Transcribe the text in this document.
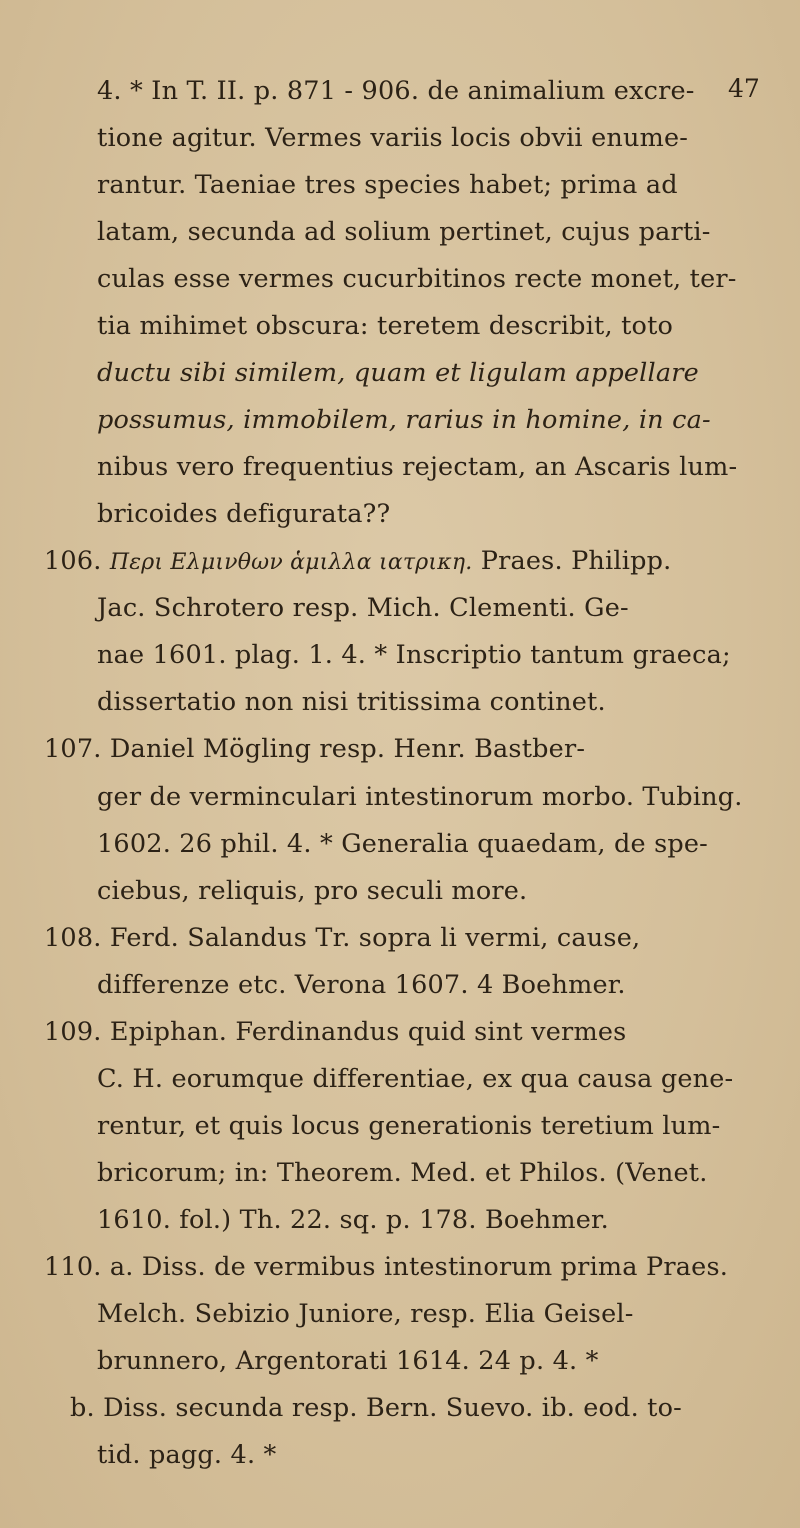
47
4. * In T. II. p. 871 - 906. de animalium excre-
tione agitur. Vermes variis locis obvii enume-
rantur. Taeniae tres species habet; prima ad
latam, secunda ad solium pertinet, cujus parti-
culas esse vermes cucurbitinos recte monet, ter-
tia mihimet obscura: teretem describit, toto
ductu sibi similem, quam et ligulam appellare
possumus, immobilem, rarius in homine, in ca-
nibus vero frequentius rejectam, an Ascaris lum-
bricoides defigurata??
106. Περι Ελμινθων ἁμιλλα ιατρικη. Praes. Philipp.
Jac. Schrotero resp. Mich. Clementi. Ge-
nae 1601. plag. 1. 4. * Inscriptio tantum graeca;
dissertatio non nisi tritissima continet.
107. Daniel Mögling resp. Henr. Bastber-
ger de verminculari intestinorum morbo. Tubing.
1602. 26 phil. 4. * Generalia quaedam, de spe-
ciebus, reliquis, pro seculi more.
108. Ferd. Salandus Tr. sopra li vermi, cause,
differenze etc. Verona 1607. 4 Boehmer.
109. Epiphan. Ferdinandus quid sint vermes
C. H. eorumque differentiae, ex qua causa gene-
rentur, et quis locus generationis teretium lum-
bricorum; in: Theorem. Med. et Philos. (Venet.
1610. fol.) Th. 22. sq. p. 178. Boehmer.
110. a. Diss. de vermibus intestinorum prima Praes.
Melch. Sebizio Juniore, resp. Elia Geisel-
brunnero, Argentorati 1614. 24 p. 4. *
b. Diss. secunda resp. Bern. Suevo. ib. eod. to-
tid. pagg. 4. *
